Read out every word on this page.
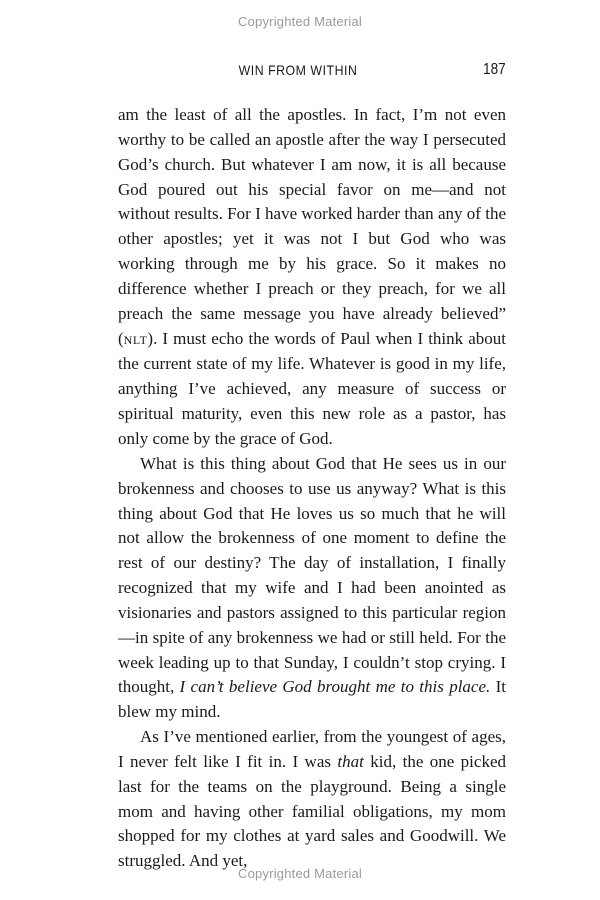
Copyrighted Material
WIN FROM WITHIN	187

am the least of all the apostles. In fact, I’m not even worthy to be called an apostle after the way I persecuted God’s church. But whatever I am now, it is all because God poured out his special favor on me—and not without results. For I have worked harder than any of the other apostles; yet it was not I but God who was working through me by his grace. So it makes no difference whether I preach or they preach, for we all preach the same message you have already believed” (NLT). I must echo the words of Paul when I think about the current state of my life. Whatever is good in my life, anything I’ve achieved, any measure of success or spiritual maturity, even this new role as a pastor, has only come by the grace of God.

What is this thing about God that He sees us in our brokenness and chooses to use us anyway? What is this thing about God that He loves us so much that he will not allow the brokenness of one moment to define the rest of our destiny? The day of installation, I finally recognized that my wife and I had been anointed as visionaries and pastors assigned to this particular region—in spite of any brokenness we had or still held. For the week leading up to that Sunday, I couldn’t stop crying. I thought, I can’t believe God brought me to this place. It blew my mind.

As I’ve mentioned earlier, from the youngest of ages, I never felt like I fit in. I was that kid, the one picked last for the teams on the playground. Being a single mom and having other familial obligations, my mom shopped for my clothes at yard sales and Goodwill. We struggled. And yet,

Copyrighted Material
